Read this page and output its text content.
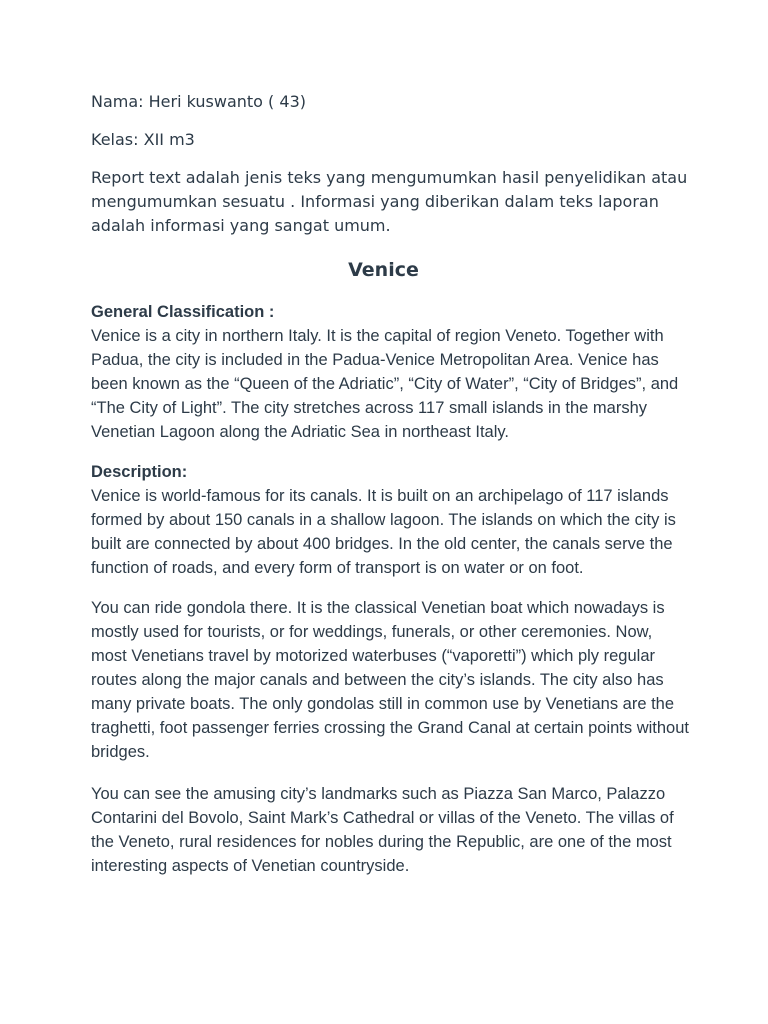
Nama: Heri kuswanto ( 43)

Kelas: XII m3

Report text adalah jenis teks yang mengumumkan hasil penyelidikan atau mengumumkan sesuatu . Informasi yang diberikan dalam teks laporan adalah informasi yang sangat umum.

Venice

General Classification :

Venice is a city in northern Italy. It is the capital of region Veneto. Together with Padua, the city is included in the Padua-Venice Metropolitan Area. Venice has been known as the “Queen of the Adriatic”, “City of Water”, “City of Bridges”, and “The City of Light”. The city stretches across 117 small islands in the marshy Venetian Lagoon along the Adriatic Sea in northeast Italy.

Description:

Venice is world-famous for its canals. It is built on an archipelago of 117 islands formed by about 150 canals in a shallow lagoon. The islands on which the city is built are connected by about 400 bridges. In the old center, the canals serve the function of roads, and every form of transport is on water or on foot.

You can ride gondola there. It is the classical Venetian boat which nowadays is mostly used for tourists, or for weddings, funerals, or other ceremonies. Now, most Venetians travel by motorized waterbuses (“vaporetti”) which ply regular routes along the major canals and between the city’s islands. The city also has many private boats. The only gondolas still in common use by Venetians are the traghetti, foot passenger ferries crossing the Grand Canal at certain points without bridges.

You can see the amusing city’s landmarks such as Piazza San Marco, Palazzo Contarini del Bovolo, Saint Mark’s Cathedral or villas of the Veneto. The villas of the Veneto, rural residences for nobles during the Republic, are one of the most interesting aspects of Venetian countryside.
